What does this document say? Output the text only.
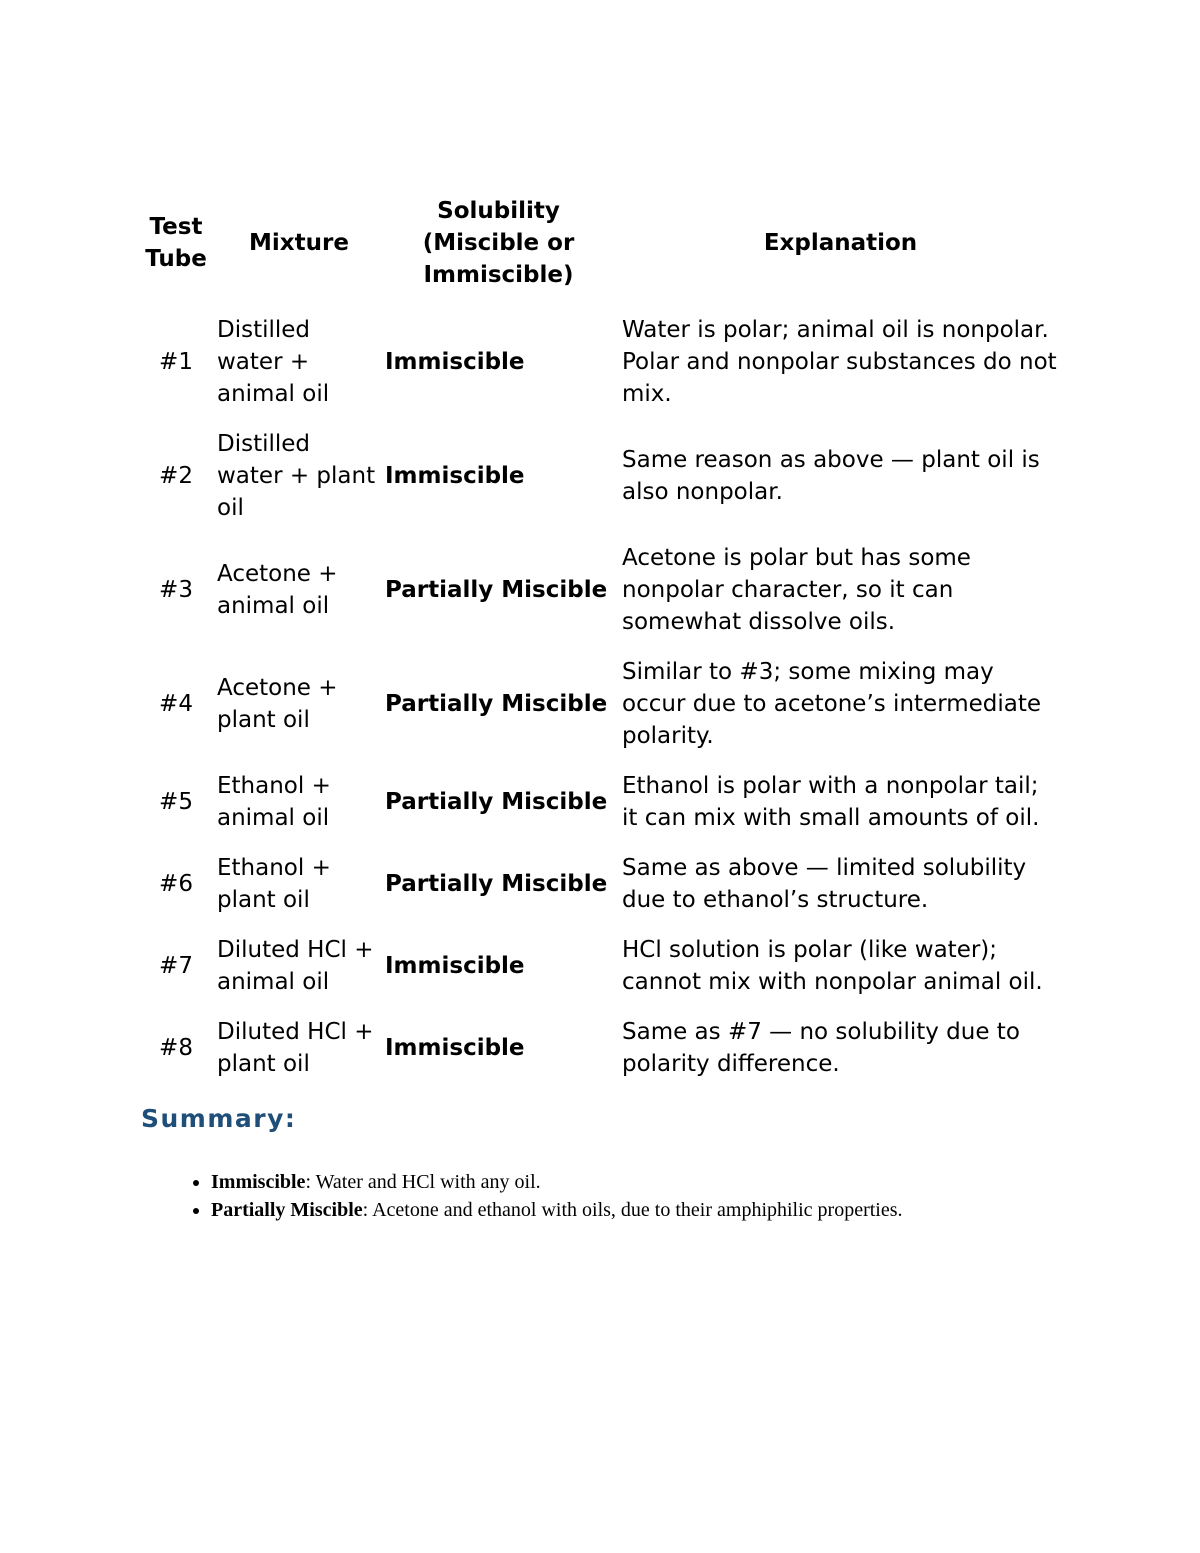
Test Tube	Mixture	Solubility (Miscible or Immiscible)	Explanation
#1	Distilled water + animal oil	Immiscible	Water is polar; animal oil is nonpolar. Polar and nonpolar substances do not mix.
#2	Distilled water + plant oil	Immiscible	Same reason as above — plant oil is also nonpolar.
#3	Acetone + animal oil	Partially Miscible	Acetone is polar but has some nonpolar character, so it can somewhat dissolve oils.
#4	Acetone + plant oil	Partially Miscible	Similar to #3; some mixing may occur due to acetone’s intermediate polarity.
#5	Ethanol + animal oil	Partially Miscible	Ethanol is polar with a nonpolar tail; it can mix with small amounts of oil.
#6	Ethanol + plant oil	Partially Miscible	Same as above — limited solubility due to ethanol’s structure.
#7	Diluted HCl + animal oil	Immiscible	HCl solution is polar (like water); cannot mix with nonpolar animal oil.
#8	Diluted HCl + plant oil	Immiscible	Same as #7 — no solubility due to polarity difference.
Summary:
• Immiscible: Water and HCl with any oil.
• Partially Miscible: Acetone and ethanol with oils, due to their amphiphilic properties.
